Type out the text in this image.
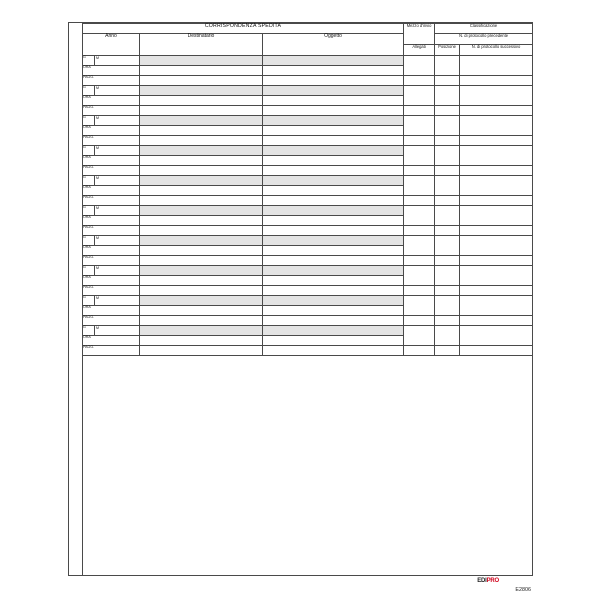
CORRISPONDENZA SPEDITA			Mezzo d'invio	Classificazione	
Anno	Destinatario	Oggetto		N. di protocollo precedente	
			Allegati	Posizione	N. di protocollo successivo

G M					

ORA					
PAGG.					

G M					

ORA					
PAGG.					

G M					

ORA					
PAGG.					

G M					

ORA					
PAGG.					

G M					

ORA					
PAGG.					

G M					

ORA					
PAGG.					

G M					

ORA					
PAGG.					

G M					

ORA					
PAGG.					

G M					

ORA					
PAGG.					

G M					

ORA					
PAGG.					
EDIPRO
E2806
